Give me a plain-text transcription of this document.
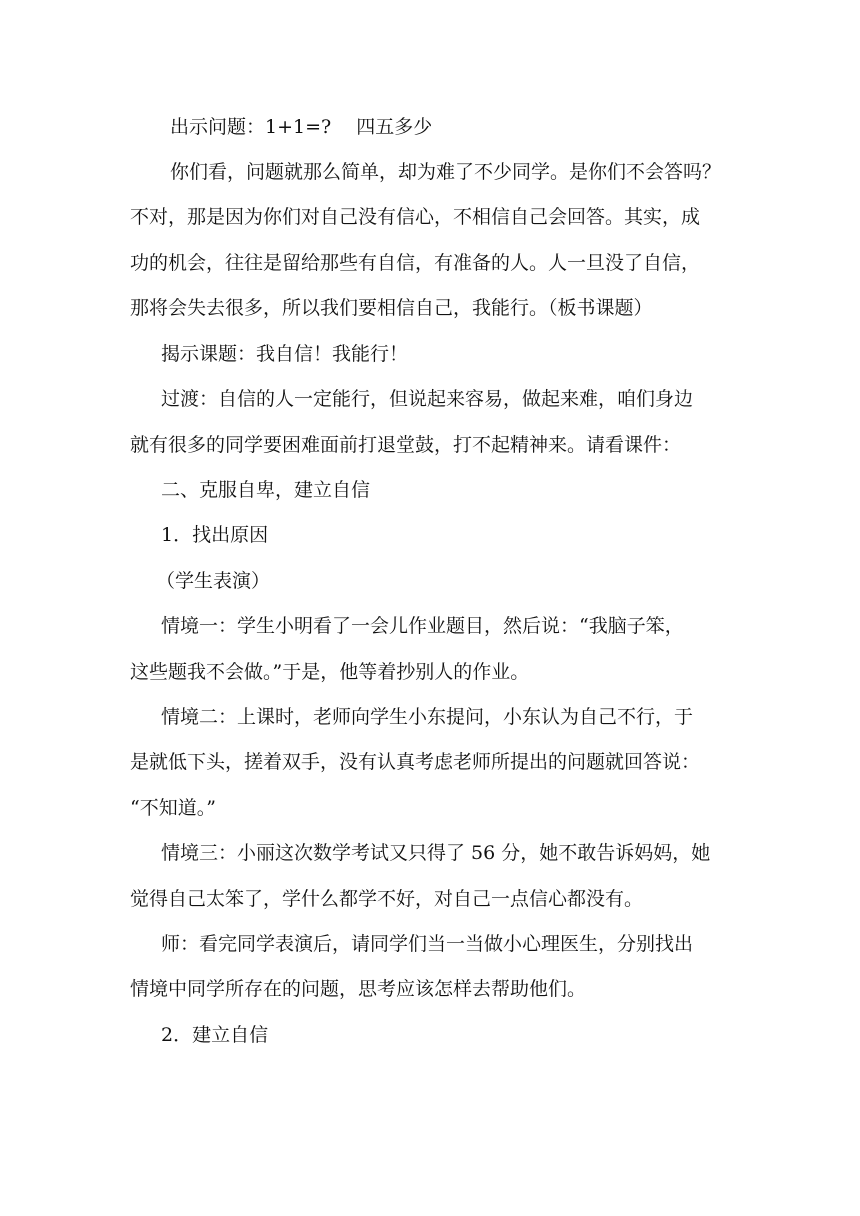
出示问题：1+1=?　 四五多少
你们看，问题就那么简单，却为难了不少同学。是你们不会答吗？
不对，那是因为你们对自己没有信心，不相信自己会回答。其实，成
功的机会，往往是留给那些有自信，有准备的人。人一旦没了自信，
那将会失去很多，所以我们要相信自己，我能行。（板书课题）
揭示课题：我自信！我能行！
过渡：自信的人一定能行，但说起来容易，做起来难，咱们身边
就有很多的同学要困难面前打退堂鼓，打不起精神来。请看课件：
二、克服自卑，建立自信
1．找出原因
（学生表演）
情境一：学生小明看了一会儿作业题目，然后说：“我脑子笨，
这些题我不会做。”于是，他等着抄别人的作业。
情境二：上课时，老师向学生小东提问，小东认为自己不行，于
是就低下头，搓着双手，没有认真考虑老师所提出的问题就回答说：
“不知道。”
情境三：小丽这次数学考试又只得了 56 分，她不敢告诉妈妈，她
觉得自己太笨了，学什么都学不好，对自己一点信心都没有。
师：看完同学表演后，请同学们当一当做小心理医生，分别找出
情境中同学所存在的问题，思考应该怎样去帮助他们。
2．建立自信
